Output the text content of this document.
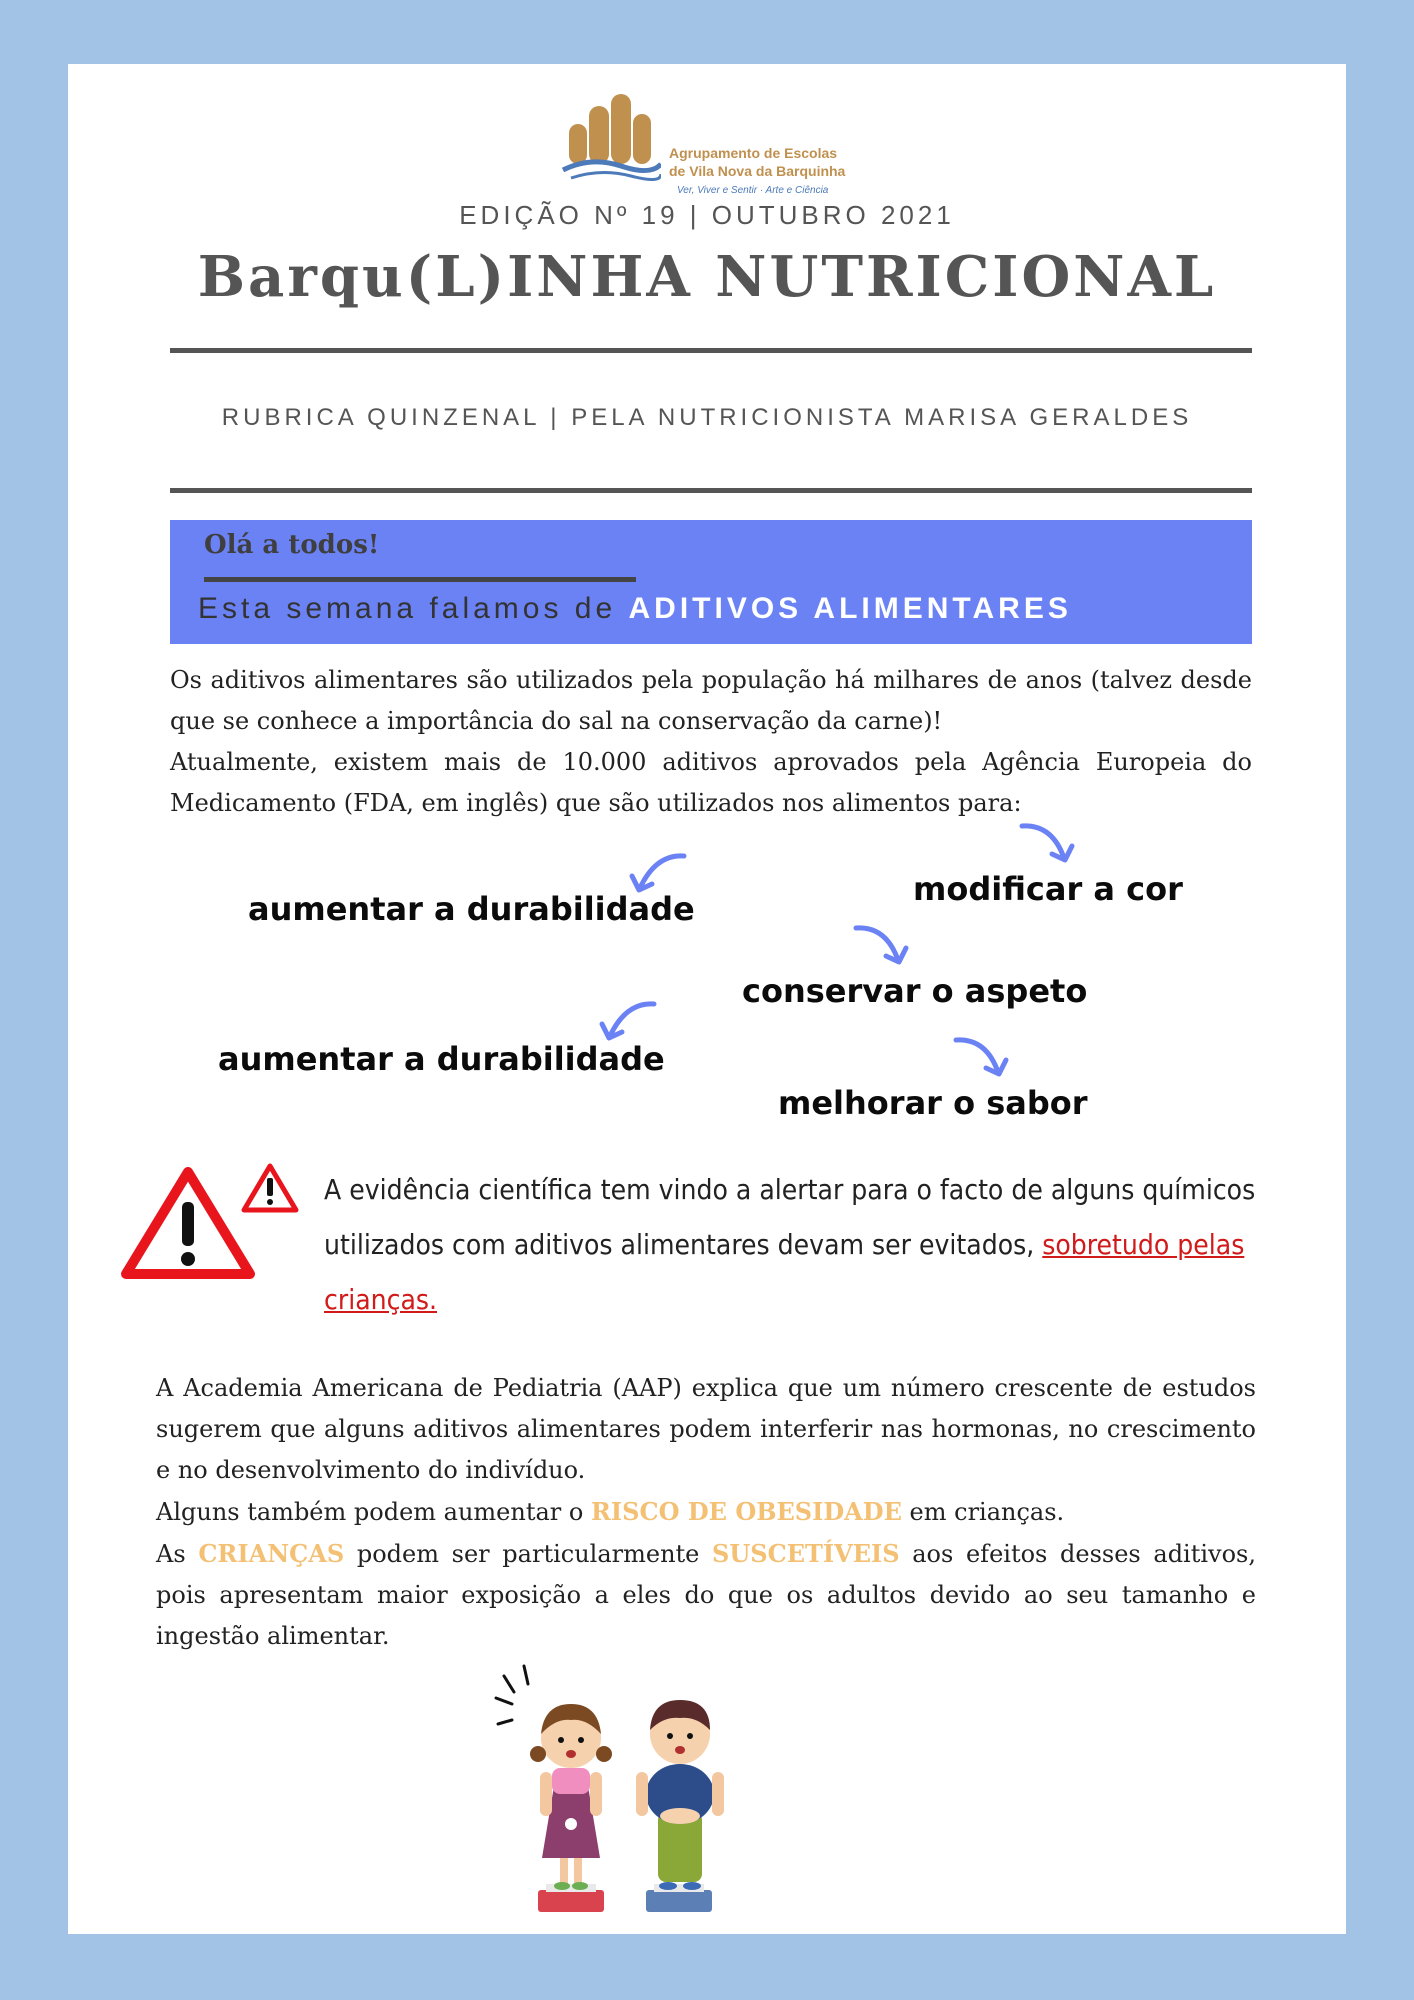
Agrupamento de Escolas
de Vila Nova da Barquinha
Ver, Viver e Sentir · Arte e Ciência
EDIÇÃO Nº 19 | OUTUBRO 2021
Barqu(L)INHA NUTRICIONAL
RUBRICA QUINZENAL | PELA NUTRICIONISTA MARISA GERALDES
Olá a todos!
Esta semana falamos de ADITIVOS ALIMENTARES

Os aditivos alimentares são utilizados pela população há milhares de anos (talvez desde que se conhece a importância do sal na conservação da carne)!

Atualmente, existem mais de 10.000 aditivos aprovados pela Agência Europeia do Medicamento (FDA, em inglês) que são utilizados nos alimentos para:

aumentar a durabilidade
modificar a cor
conservar o aspeto
aumentar a durabilidade
melhorar o sabor
A evidência científica tem vindo a alertar para o facto de alguns químicos utilizados com aditivos alimentares devam ser evitados, sobretudo pelas crianças.

A Academia Americana de Pediatria (AAP) explica que um número crescente de estudos sugerem que alguns aditivos alimentares podem interferir nas hormonas, no crescimento e no desenvolvimento do indivíduo.

Alguns também podem aumentar o RISCO DE OBESIDADE em crianças.

As CRIANÇAS podem ser particularmente SUSCETÍVEIS aos efeitos desses aditivos, pois apresentam maior exposição a eles do que os adultos devido ao seu tamanho e ingestão alimentar.
